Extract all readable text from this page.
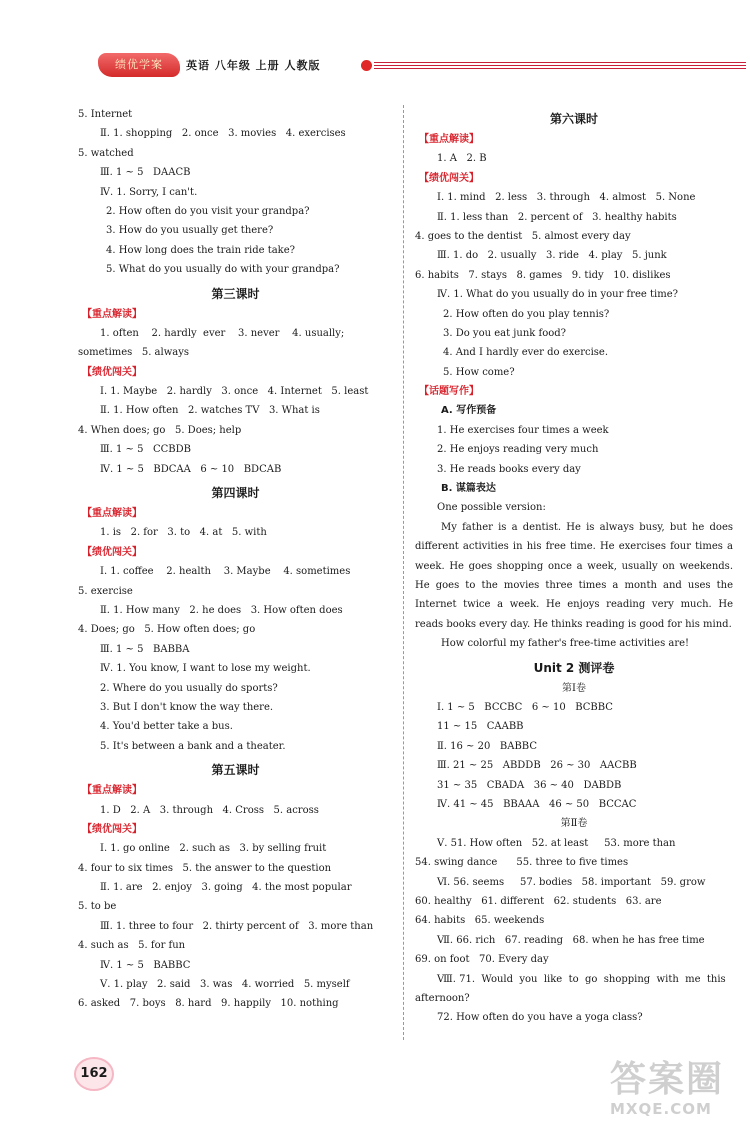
绩优学案	英语 八年级 上册 人教版
5. Internet
Ⅱ. 1. shopping   2. once   3. movies   4. exercises
5. watched
Ⅲ. 1 ~ 5   DAACB
Ⅳ. 1. Sorry, I can't.
2. How often do you visit your grandpa?
3. How do you usually get there?
4. How long does the train ride take?
5. What do you usually do with your grandpa?
第三课时
【重点解读】
1. often    2. hardly  ever    3. never    4. usually;
sometimes   5. always
【绩优闯关】
Ⅰ. 1. Maybe   2. hardly   3. once   4. Internet   5. least
Ⅱ. 1. How often   2. watches TV   3. What is
4. When does; go   5. Does; help
Ⅲ. 1 ~ 5   CCBDB
Ⅳ. 1 ~ 5   BDCAA   6 ~ 10   BDCAB
第四课时
【重点解读】
1. is   2. for   3. to   4. at   5. with
【绩优闯关】
Ⅰ. 1. coffee    2. health    3. Maybe    4. sometimes
5. exercise
Ⅱ. 1. How many   2. he does   3. How often does
4. Does; go   5. How often does; go
Ⅲ. 1 ~ 5   BABBA
Ⅳ. 1. You know, I want to lose my weight.
2. Where do you usually do sports?
3. But I don't know the way there.
4. You'd better take a bus.
5. It's between a bank and a theater.
第五课时
【重点解读】
1. D   2. A   3. through   4. Cross   5. across
【绩优闯关】
Ⅰ. 1. go online   2. such as   3. by selling fruit
4. four to six times   5. the answer to the question
Ⅱ. 1. are   2. enjoy   3. going   4. the most popular
5. to be
Ⅲ. 1. three to four   2. thirty percent of   3. more than
4. such as   5. for fun
Ⅳ. 1 ~ 5   BABBC
Ⅴ. 1. play   2. said   3. was   4. worried   5. myself
6. asked   7. boys   8. hard   9. happily   10. nothing
第六课时
【重点解读】
1. A   2. B
【绩优闯关】
Ⅰ. 1. mind   2. less   3. through   4. almost   5. None
Ⅱ. 1. less than   2. percent of   3. healthy habits
4. goes to the dentist   5. almost every day
Ⅲ. 1. do   2. usually   3. ride   4. play   5. junk
6. habits   7. stays   8. games   9. tidy   10. dislikes
Ⅳ. 1. What do you usually do in your free time?
2. How often do you play tennis?
3. Do you eat junk food?
4. And I hardly ever do exercise.
5. How come?
【话题写作】
A. 写作预备
1. He exercises four times a week
2. He enjoys reading very much
3. He reads books every day
B. 谋篇表达
One possible version:

My father is a dentist. He is always busy, but he does different activities in his free time. He exercises four times a week. He goes shopping once a week, usually on weekends. He goes to the movies three times a month and uses the Internet twice a week. He enjoys reading very much. He reads books every day. He thinks reading is good for his mind.

How colorful my father's free-time activities are!

Unit 2 测评卷
第Ⅰ卷
Ⅰ. 1 ~ 5   BCCBC   6 ~ 10   BCBBC
11 ~ 15   CAABB
Ⅱ. 16 ~ 20   BABBC
Ⅲ. 21 ~ 25   ABDDB   26 ~ 30   AACBB
31 ~ 35   CBADA   36 ~ 40   DABDB
Ⅳ. 41 ~ 45   BBAAA   46 ~ 50   BCCAC
第Ⅱ卷
Ⅴ. 51. How often   52. at least     53. more than
54. swing dance      55. three to five times
Ⅵ. 56. seems     57. bodies   58. important   59. grow
60. healthy   61. different   62. students   63. are
64. habits   65. weekends
Ⅶ. 66. rich   67. reading   68. when he has free time
69. on foot   70. Every day
Ⅷ. 71.  Would  you  like  to  go  shopping  with  me  this
afternoon?
72. How often do you have a yoga class?
162	答案圈
MXQE.COM
